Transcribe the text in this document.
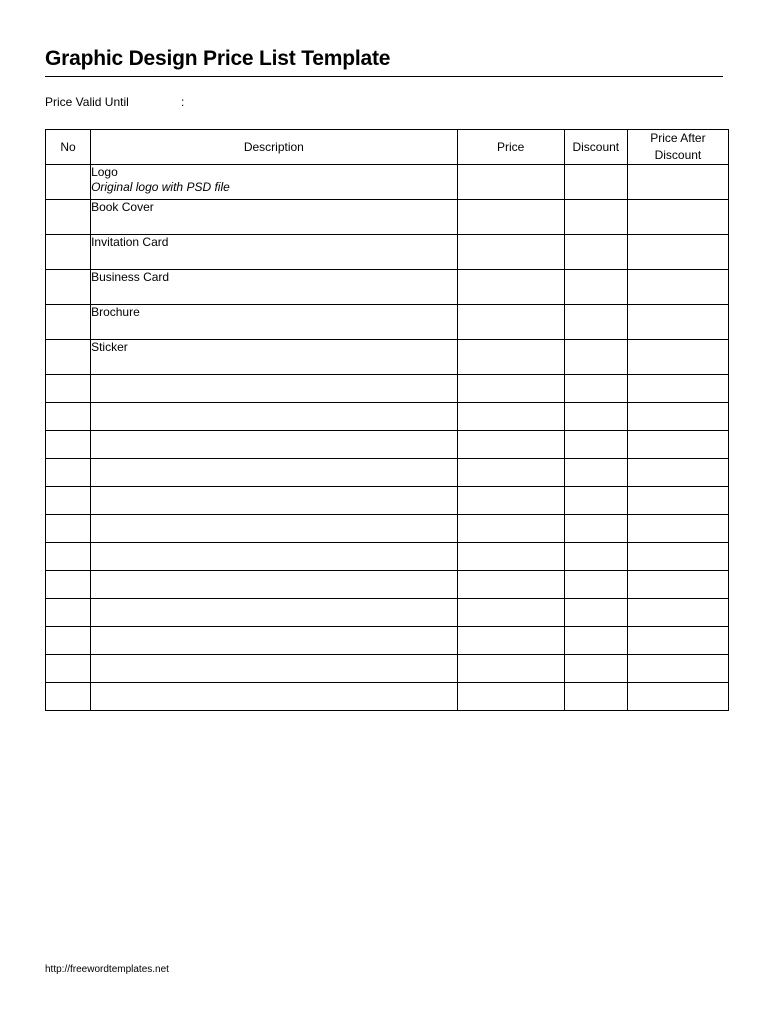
Graphic Design Price List Template
Price Valid Until	:
No	Description	Price	Discount	Price After
Discount

	Logo
Original logo with PSD file			

	Book Cover			

	Invitation Card			

	Business Card			

	Brochure			

	Sticker			

http://freewordtemplates.net
